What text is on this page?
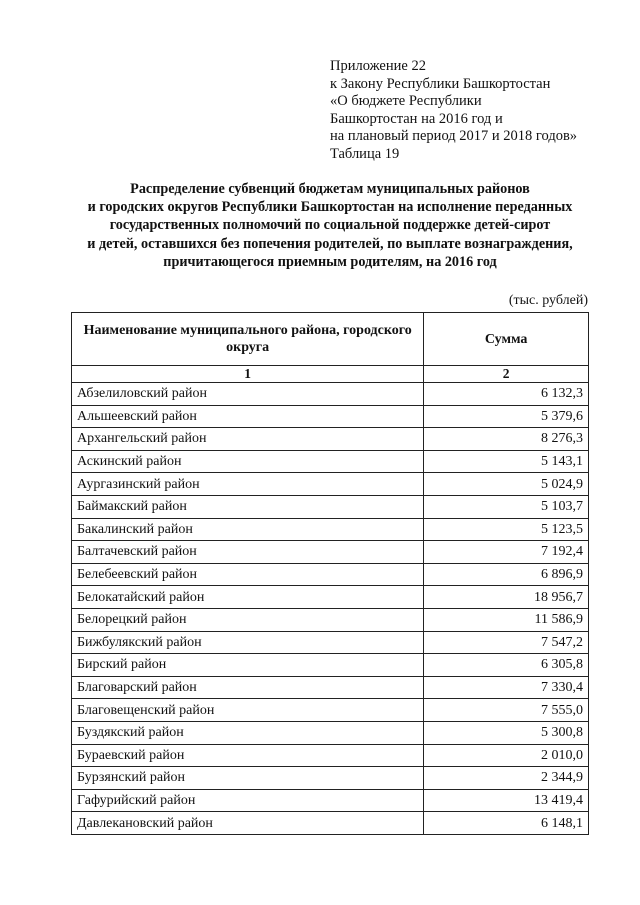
Приложение 22
к Закону Республики Башкортостан
«О бюджете Республики
Башкортостан на 2016 год и
на плановый период 2017 и 2018 годов»
Таблица 19
Распределение субвенций бюджетам муниципальных районов
и городских округов Республики Башкортостан на исполнение переданных
государственных полномочий по социальной поддержке детей-сирот
и детей, оставшихся без попечения родителей, по выплате вознаграждения,
причитающегося приемным родителям, на 2016 год
(тыс. рублей)
Наименование муниципального района, городского округа	Сумма
1	2
Абзелиловский район	6 132,3
Альшеевский район	5 379,6
Архангельский район	8 276,3
Аскинский район	5 143,1
Аургазинский район	5 024,9
Баймакский район	5 103,7
Бакалинский район	5 123,5
Балтачевский район	7 192,4
Белебеевский район	6 896,9
Белокатайский район	18 956,7
Белорецкий район	11 586,9
Бижбулякский район	7 547,2
Бирский район	6 305,8
Благоварский район	7 330,4
Благовещенский район	7 555,0
Буздякский район	5 300,8
Бураевский район	2 010,0
Бурзянский район	2 344,9
Гафурийский район	13 419,4
Давлекановский район	6 148,1
